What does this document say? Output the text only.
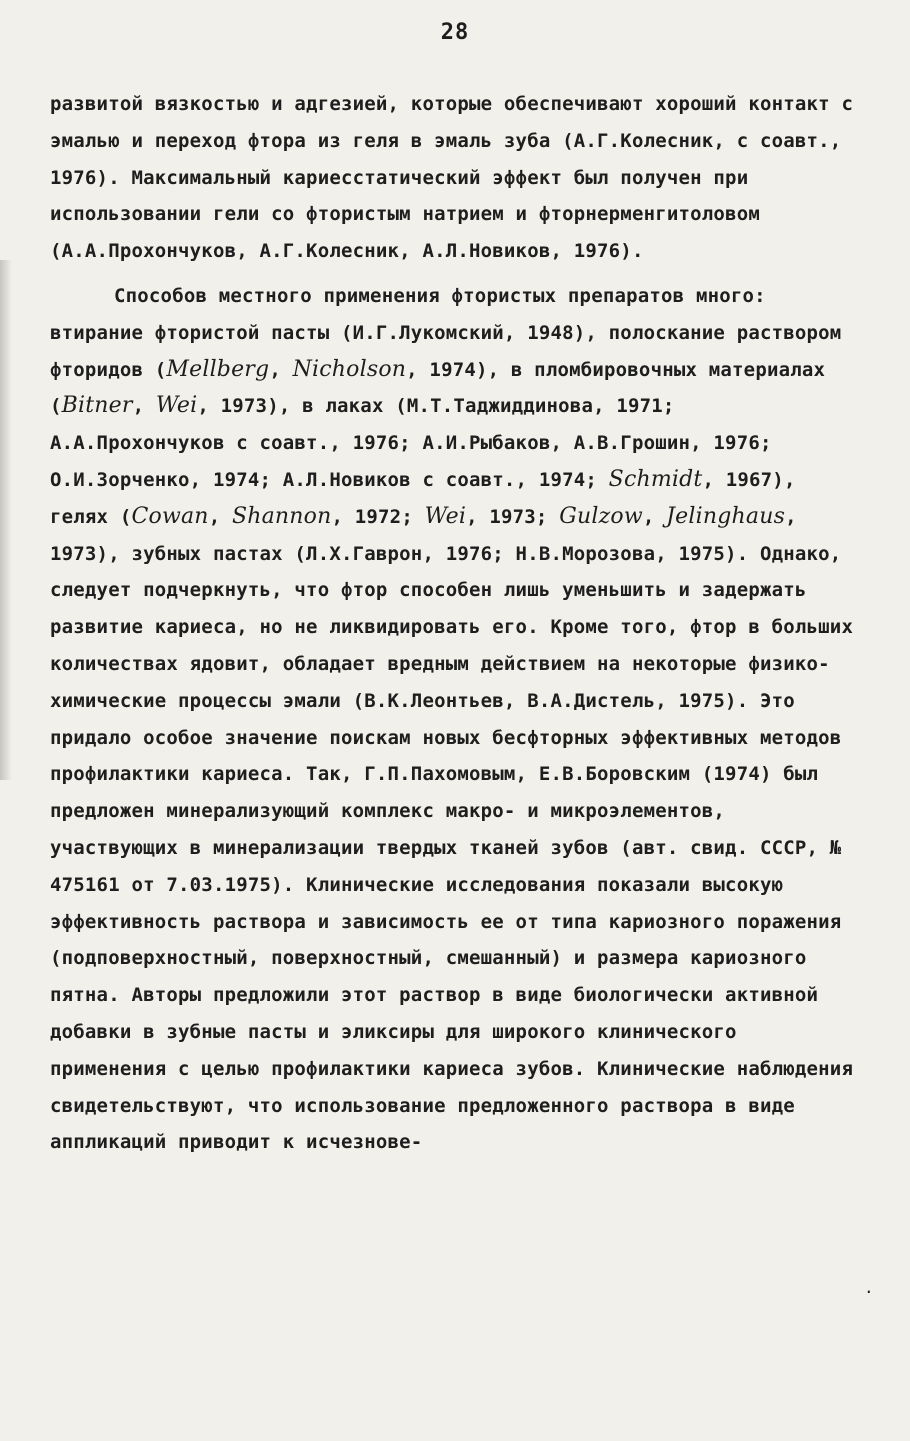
28

развитой вязкостью и адгезией, которые обеспечивают хороший контакт с эмалью и переход фтора из геля в эмаль зуба (А.Г.Колесник, с соавт., 1976). Максимальный кариесстатический эффект был получен при использовании гели со фтористым натрием и фторнерменгитоловом (А.А.Прохончуков, А.Г.Колесник, А.Л.Новиков, 1976).

Способов местного применения фтористых препаратов много: втирание фтористой пасты (И.Г.Лукомский, 1948), полоскание раствором фторидов (Mellberg, Nicholson, 1974), в пломбировочных материалах (Bitner, Wei, 1973), в лаках (М.Т.Таджиддинова, 1971; А.А.Прохончуков с соавт., 1976; А.И.Рыбаков, А.В.Грошин, 1976; О.И.Зорченко, 1974; А.Л.Новиков с соавт., 1974; Schmidt, 1967), гелях (Cowan, Shannon, 1972; Wei, 1973; Gulzow, Jelinghaus, 1973), зубных пастах (Л.Х.Гаврон, 1976; Н.В.Морозова, 1975). Однако, следует подчеркнуть, что фтор способен лишь уменьшить и задержать развитие кариеса, но не ликвидировать его. Кроме того, фтор в больших количествах ядовит, обладает вредным действием на некоторые физико-химические процессы эмали (В.К.Леонтьев, В.А.Дистель, 1975). Это придало особое значение поискам новых бесфторных эффективных методов профилактики кариеса. Так, Г.П.Пахомовым, Е.В.Боровским (1974) был предложен минерализующий комплекс макро- и микроэлементов, участвующих в минерализации твердых тканей зубов (авт. свид. СССР, № 475161 от 7.03.1975). Клинические исследования показали высокую эффективность раствора и зависимость ее от типа кариозного поражения (подповерхностный, поверхностный, смешанный) и размера кариозного пятна. Авторы предложили этот раствор в виде биологически активной добавки в зубные пасты и эликсиры для широкого клинического применения с целью профилактики кариеса зубов. Клинические наблюдения свидетельствуют, что использование предложенного раствора в виде аппликаций приводит к исчезновe-

.
